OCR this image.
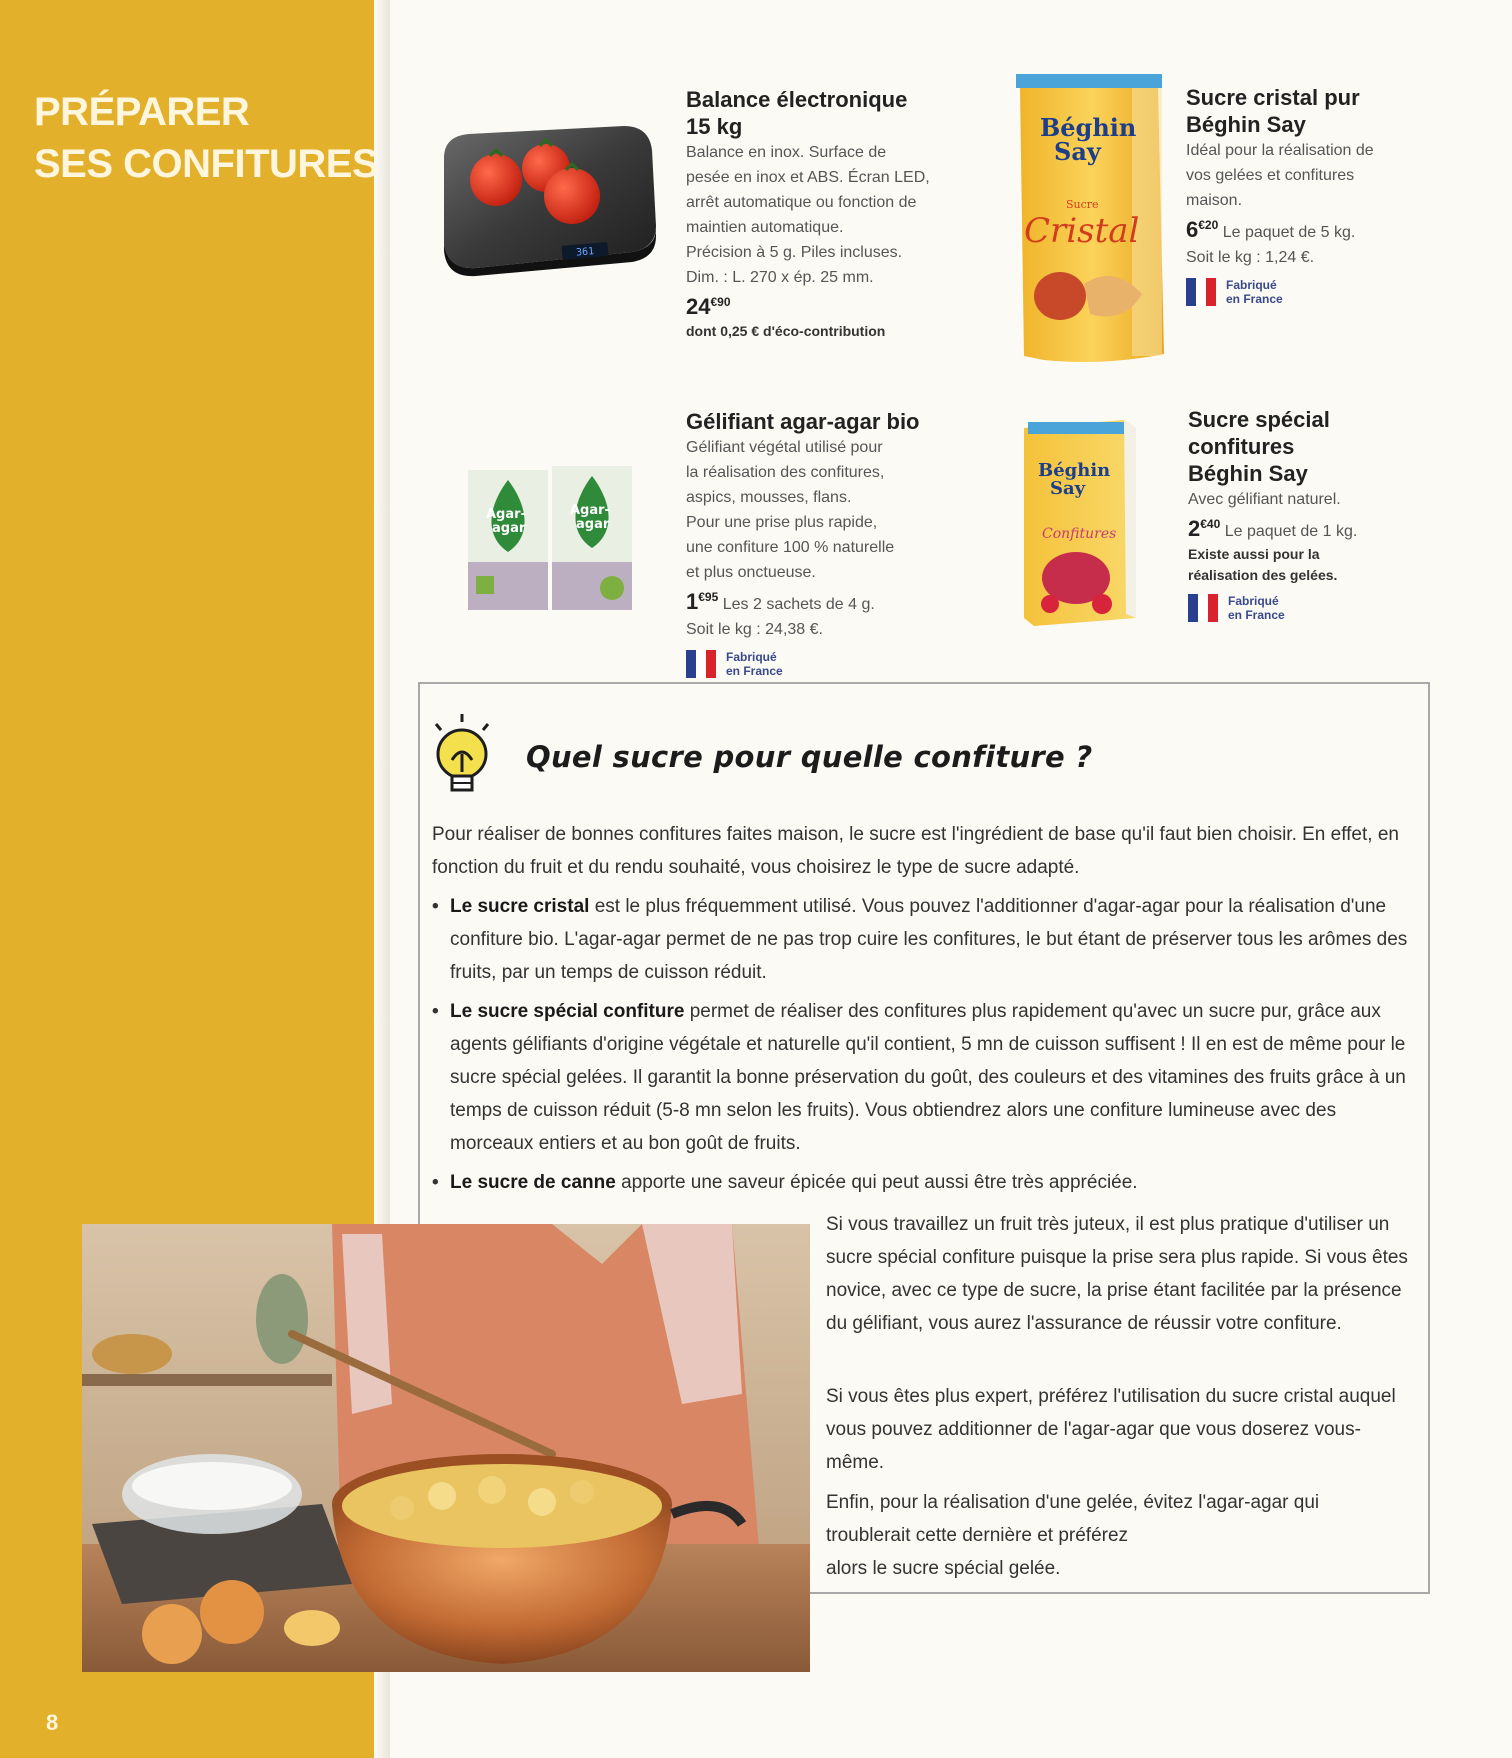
PRÉPARER
SES CONFITURES
8
361
Balance électronique
15 kg
Balance en inox. Surface de
pesée en inox et ABS. Écran LED,
arrêt automatique ou fonction de
maintien automatique.
Précision à 5 g. Piles incluses.
Dim. : L. 270 x ép. 25 mm.
$24^{€90}$
dont 0,25 € d'éco-contribution
Béghin
Say
Sucre
Cristal
Sucre cristal pur
Béghin Say
Idéal pour la réalisation de
vos gelées et confitures
maison.
$6^{€20}$ Le paquet de 5 kg.
Soit le kg : 1,24 €.
Fabriqué
en France
Agar-
agar
Agar-
agar
Gélifiant agar-agar bio
Gélifiant végétal utilisé pour
la réalisation des confitures,
aspics, mousses, flans.
Pour une prise plus rapide,
une confiture 100 % naturelle
et plus onctueuse.
$1^{€95}$ Les 2 sachets de 4 g.
Soit le kg : 24,38 €.
Fabriqué
en France
Béghin
Say
Confitures
Sucre spécial
confitures
Béghin Say
Avec gélifiant naturel.
$2^{€40}$ Le paquet de 1 kg.
Existe aussi pour la
réalisation des gelées.
Fabriqué
en France
Quel sucre pour quelle confiture ?

Pour réaliser de bonnes confitures faites maison, le sucre est l'ingrédient de base qu'il faut bien choisir. En effet, en fonction du fruit et du rendu souhaité, vous choisirez le type de sucre adapté.

• Le sucre cristal est le plus fréquemment utilisé. Vous pouvez l'additionner d'agar-agar pour la réalisation d'une confiture bio. L'agar-agar permet de ne pas trop cuire les confitures, le but étant de préserver tous les arômes des fruits, par un temps de cuisson réduit.
• Le sucre spécial confiture permet de réaliser des confitures plus rapidement qu'avec un sucre pur, grâce aux agents gélifiants d'origine végétale et naturelle qu'il contient, 5 mn de cuisson suffisent ! Il en est de même pour le sucre spécial gelées. Il garantit la bonne préservation du goût, des couleurs et des vitamines des fruits grâce à un temps de cuisson réduit (5-8 mn selon les fruits). Vous obtiendrez alors une confiture lumineuse avec des morceaux entiers et au bon goût de fruits.
• Le sucre de canne apporte une saveur épicée qui peut aussi être très appréciée.

Si vous travaillez un fruit très juteux, il est plus pratique d'utiliser un sucre spécial confiture puisque la prise sera plus rapide. Si vous êtes novice, avec ce type de sucre, la prise étant facilitée par la présence du gélifiant, vous aurez l'assurance de réussir votre confiture.

Si vous êtes plus expert, préférez l'utilisation du sucre cristal auquel vous pouvez additionner de l'agar-agar que vous doserez vous-même.

Enfin, pour la réalisation d'une gelée, évitez l'agar-agar qui
troublerait cette dernière et préférez
alors le sucre spécial gelée.
